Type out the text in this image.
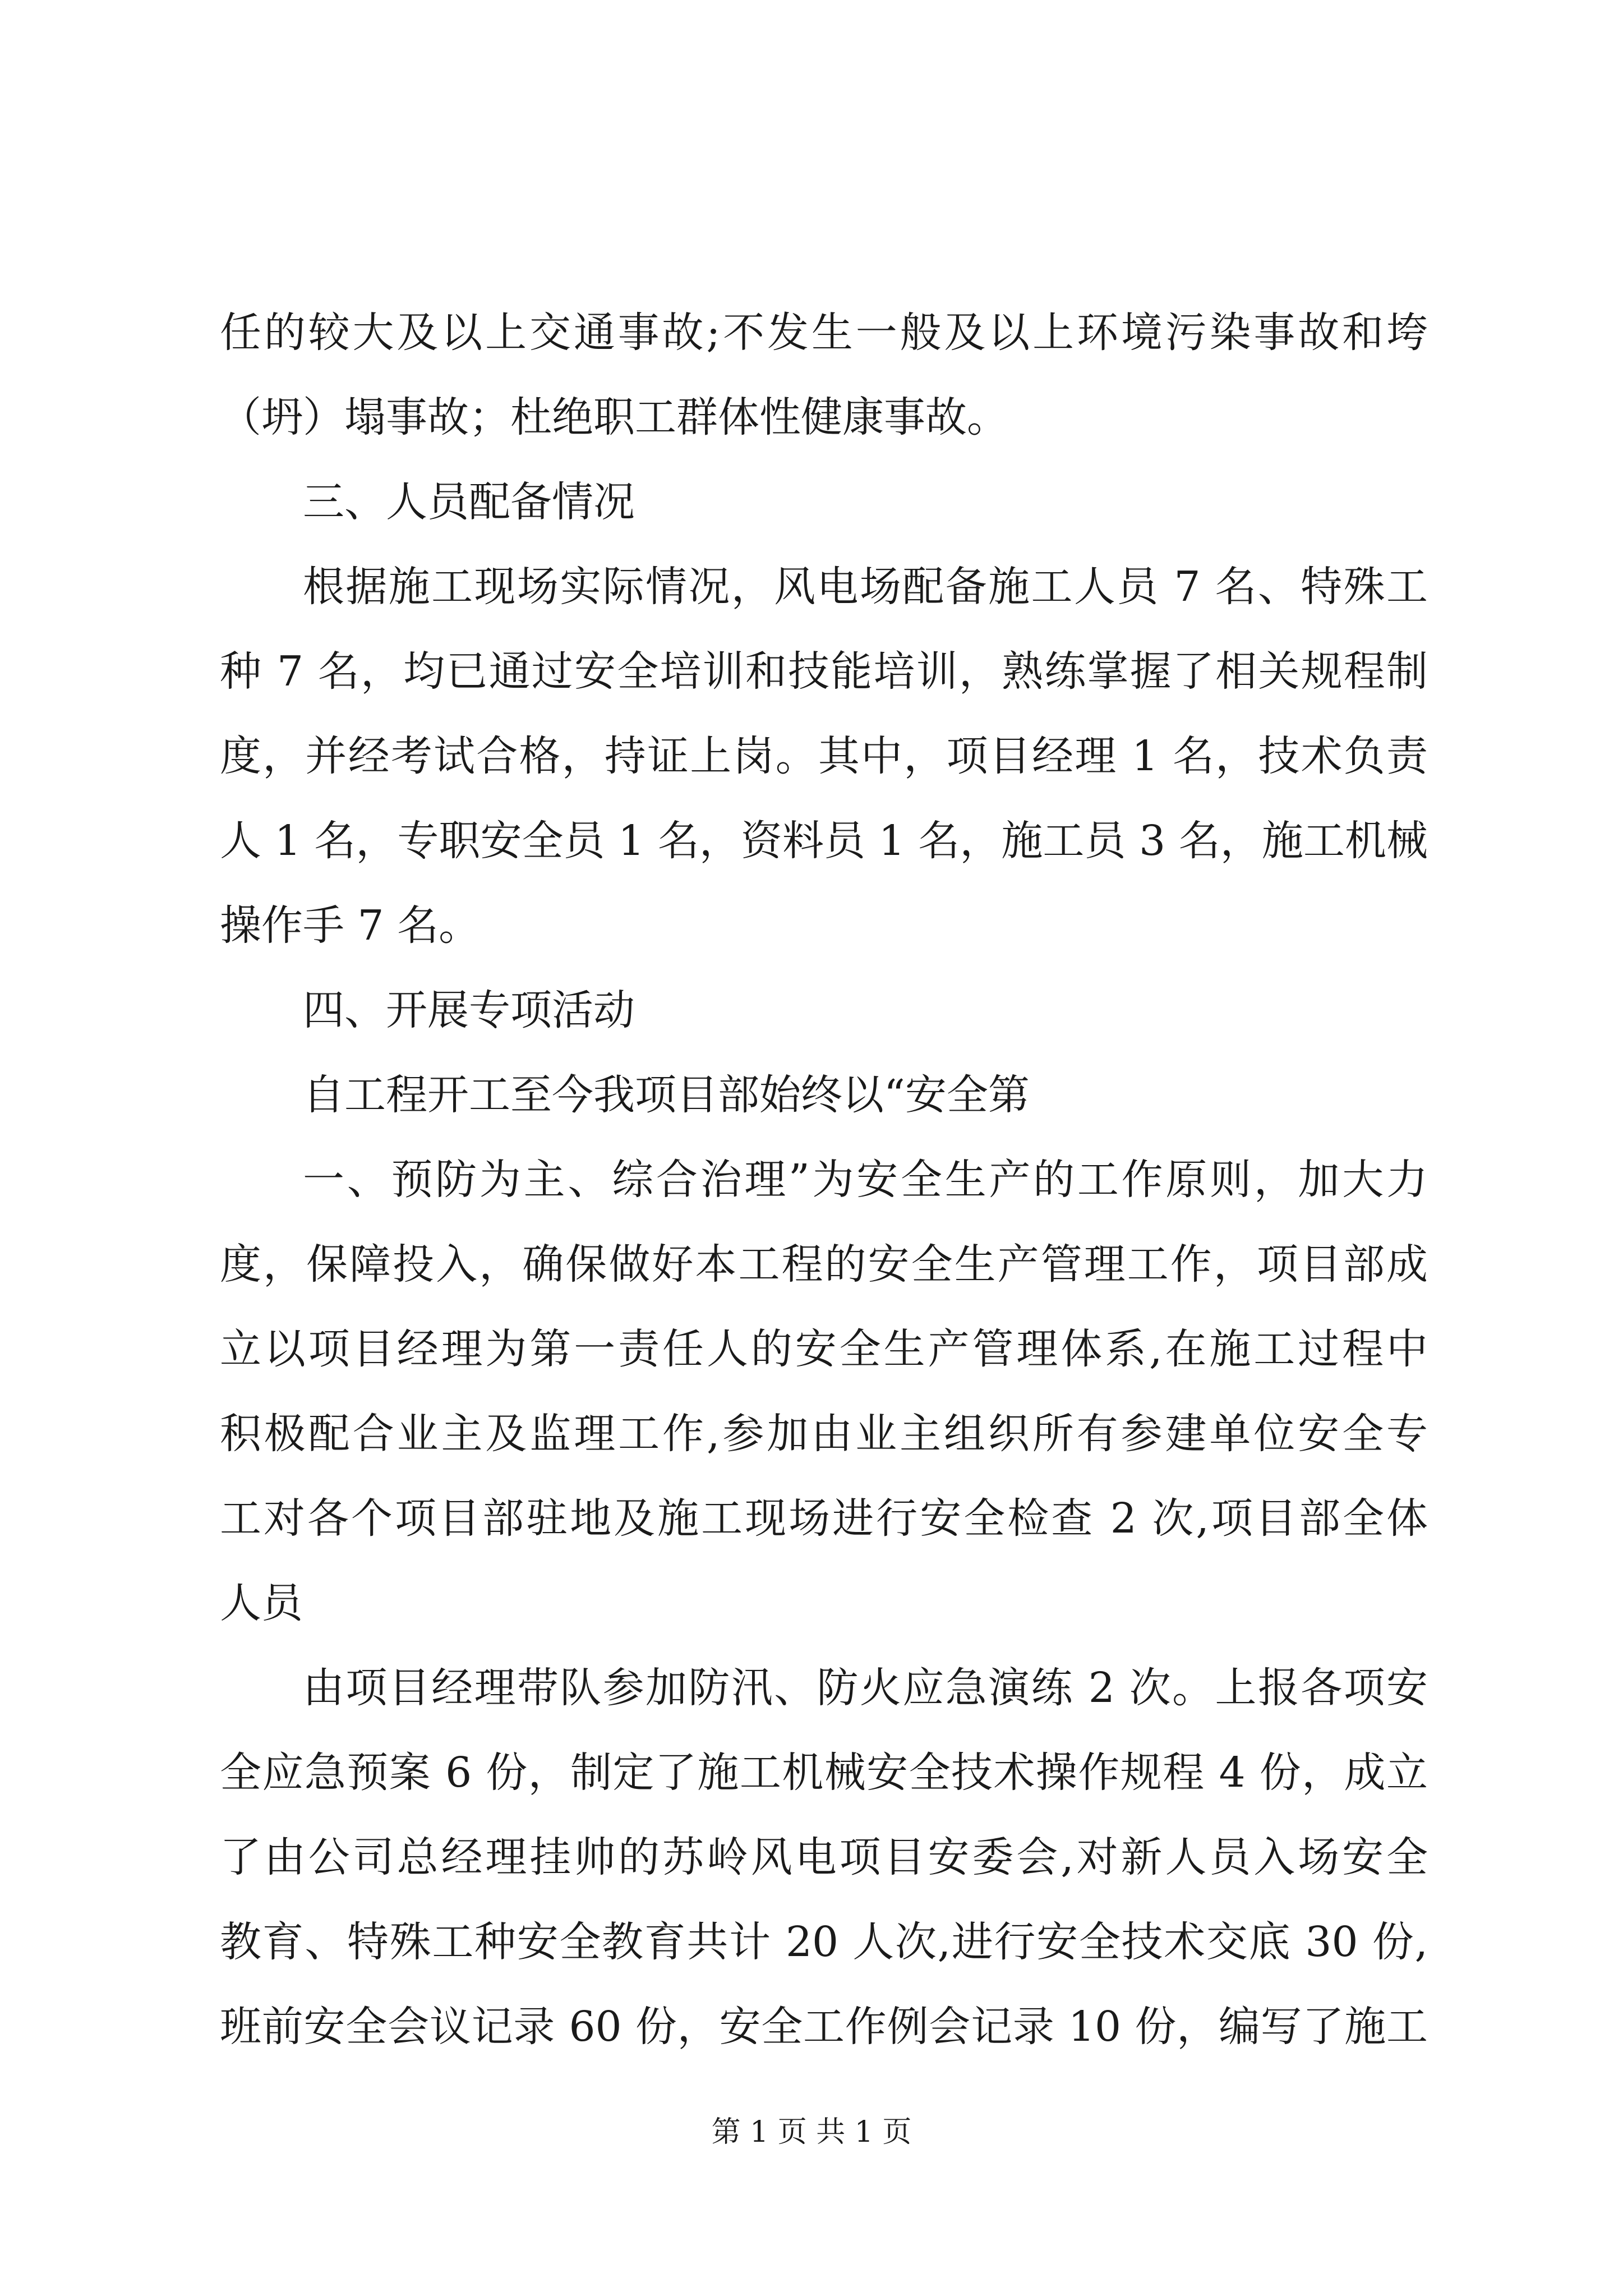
任的较大及以上交通事故;不发生一般及以上环境污染事故和垮
（坍）塌事故；杜绝职工群体性健康事故。
三、人员配备情况
根据施工现场实际情况，风电场配备施工人员 7 名、特殊工
种 7 名，均已通过安全培训和技能培训，熟练掌握了相关规程制
度，并经考试合格，持证上岗。其中，项目经理 1 名，技术负责
人 1 名，专职安全员 1 名，资料员 1 名，施工员 3 名，施工机械
操作手 7 名。
四、开展专项活动
自工程开工至今我项目部始终以“安全第
一、预防为主、综合治理”为安全生产的工作原则，加大力
度，保障投入，确保做好本工程的安全生产管理工作，项目部成
立以项目经理为第一责任人的安全生产管理体系,在施工过程中
积极配合业主及监理工作,参加由业主组织所有参建单位安全专
工对各个项目部驻地及施工现场进行安全检查 2 次,项目部全体
人员
由项目经理带队参加防汛、防火应急演练 2 次。上报各项安
全应急预案 6 份，制定了施工机械安全技术操作规程 4 份，成立
了由公司总经理挂帅的苏岭风电项目安委会,对新人员入场安全
教育、特殊工种安全教育共计 20 人次,进行安全技术交底 30 份,
班前安全会议记录 60 份，安全工作例会记录 10 份，编写了施工
第 1 页 共 1 页
